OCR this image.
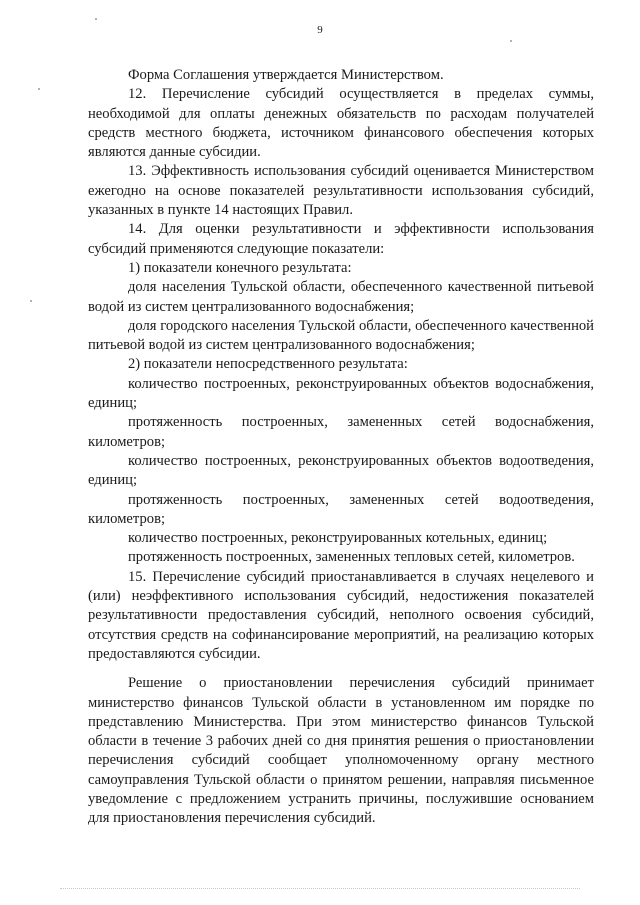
9

Форма Соглашения утверждается Министерством.

12. Перечисление субсидий осуществляется в пределах суммы, необходимой для оплаты денежных обязательств по расходам получателей средств местного бюджета, источником финансового обеспечения которых являются данные субсидии.

13. Эффективность использования субсидий оценивается Министерством ежегодно на основе показателей результативности использования субсидий, указанных в пункте 14 настоящих Правил.

14. Для оценки результативности и эффективности использования субсидий применяются следующие показатели:

1) показатели конечного результата:

доля населения Тульской области, обеспеченного качественной питьевой водой из систем централизованного водоснабжения;

доля городского населения Тульской области, обеспеченного качественной питьевой водой из систем централизованного водоснабжения;

2) показатели непосредственного результата:

количество построенных, реконструированных объектов водоснабжения, единиц;

протяженность построенных, замененных сетей водоснабжения, километров;

количество построенных, реконструированных объектов водоотведения, единиц;

протяженность построенных, замененных сетей водоотведения, километров;

количество построенных, реконструированных котельных, единиц;

протяженность построенных, замененных тепловых сетей, километров.

15. Перечисление субсидий приостанавливается в случаях нецелевого и (или) неэффективного использования субсидий, недостижения показателей результативности предоставления субсидий, неполного освоения субсидий, отсутствия средств на софинансирование мероприятий, на реализацию которых предоставляются субсидии.

Решение о приостановлении перечисления субсидий принимает министерство финансов Тульской области в установленном им порядке по представлению Министерства. При этом министерство финансов Тульской области в течение 3 рабочих дней со дня принятия решения о приостановлении перечисления субсидий сообщает уполномоченному органу местного самоуправления Тульской области о принятом решении, направляя письменное уведомление с предложением устранить причины, послужившие основанием для приостановления перечисления субсидий.
